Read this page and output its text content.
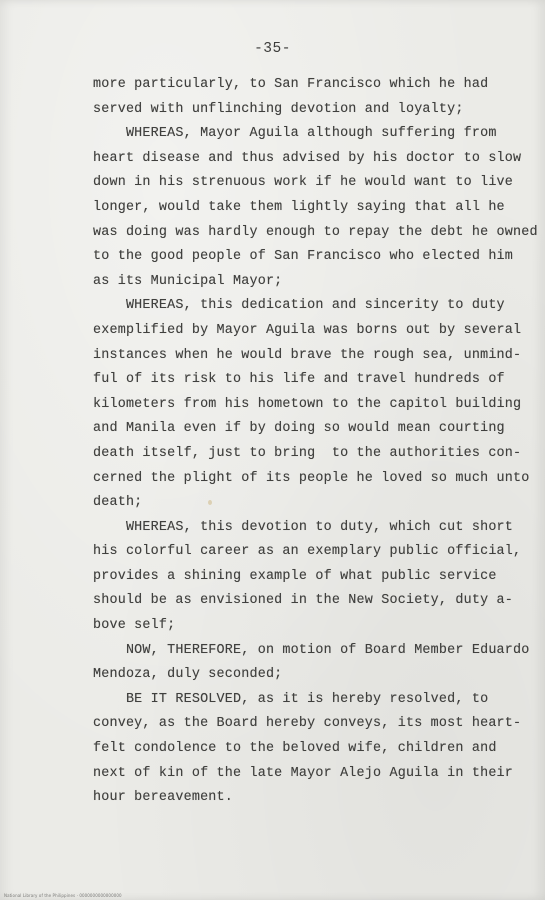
-35-
more particularly, to San Francisco which he had
served with unflinching devotion and loyalty;
WHEREAS, Mayor Aguila although suffering from
heart disease and thus advised by his doctor to slow
down in his strenuous work if he would want to live
longer, would take them lightly saying that all he
was doing was hardly enough to repay the debt he owned
to the good people of San Francisco who elected him
as its Municipal Mayor;
WHEREAS, this dedication and sincerity to duty
exemplified by Mayor Aguila was borns out by several
instances when he would brave the rough sea, unmind-
ful of its risk to his life and travel hundreds of
kilometers from his hometown to the capitol building
and Manila even if by doing so would mean courting
death itself, just to bring  to the authorities con-
cerned the plight of its people he loved so much unto
death;
WHEREAS, this devotion to duty, which cut short
his colorful career as an exemplary public official,
provides a shining example of what public service
should be as envisioned in the New Society, duty a-
bove self;
NOW, THEREFORE, on motion of Board Member Eduardo
Mendoza, duly seconded;
BE IT RESOLVED, as it is hereby resolved, to
convey, as the Board hereby conveys, its most heart-
felt condolence to the beloved wife, children and
next of kin of the late Mayor Alejo Aguila in their
hour bereavement.
National Library of the Philippines · 0000000000000000
